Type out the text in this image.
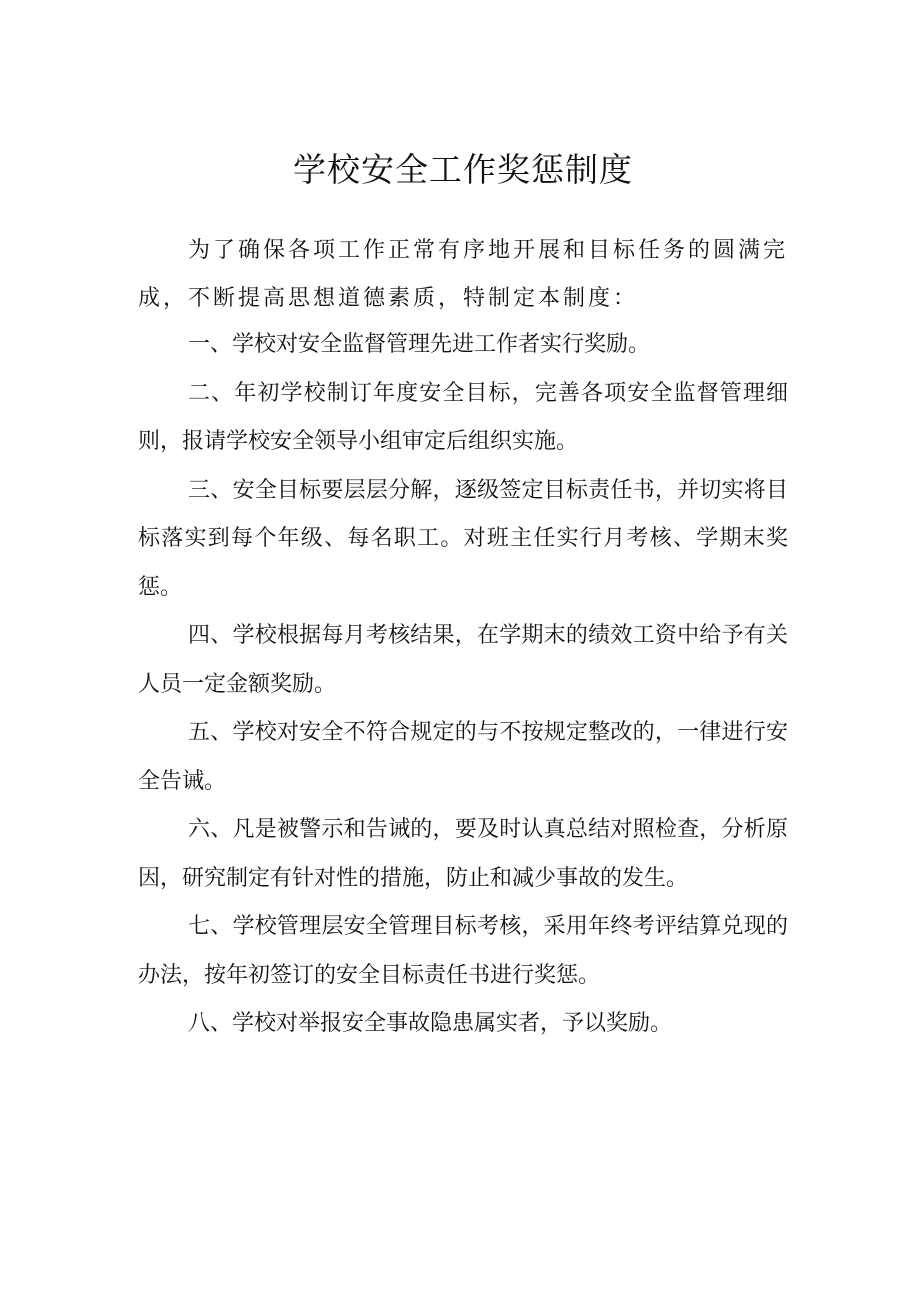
学校安全工作奖惩制度

为了确保各项工作正常有序地开展和目标任务的圆满完成，不断提高思想道德素质，特制定本制度：

一、学校对安全监督管理先进工作者实行奖励。

二、年初学校制订年度安全目标，完善各项安全监督管理细则，报请学校安全领导小组审定后组织实施。

三、安全目标要层层分解，逐级签定目标责任书，并切实将目标落实到每个年级、每名职工。对班主任实行月考核、学期末奖惩。

四、学校根据每月考核结果，在学期末的绩效工资中给予有关人员一定金额奖励。

五、学校对安全不符合规定的与不按规定整改的，一律进行安全告诫。

六、凡是被警示和告诫的，要及时认真总结对照检查，分析原因，研究制定有针对性的措施，防止和减少事故的发生。

七、学校管理层安全管理目标考核，采用年终考评结算兑现的办法，按年初签订的安全目标责任书进行奖惩。

八、学校对举报安全事故隐患属实者，予以奖励。
